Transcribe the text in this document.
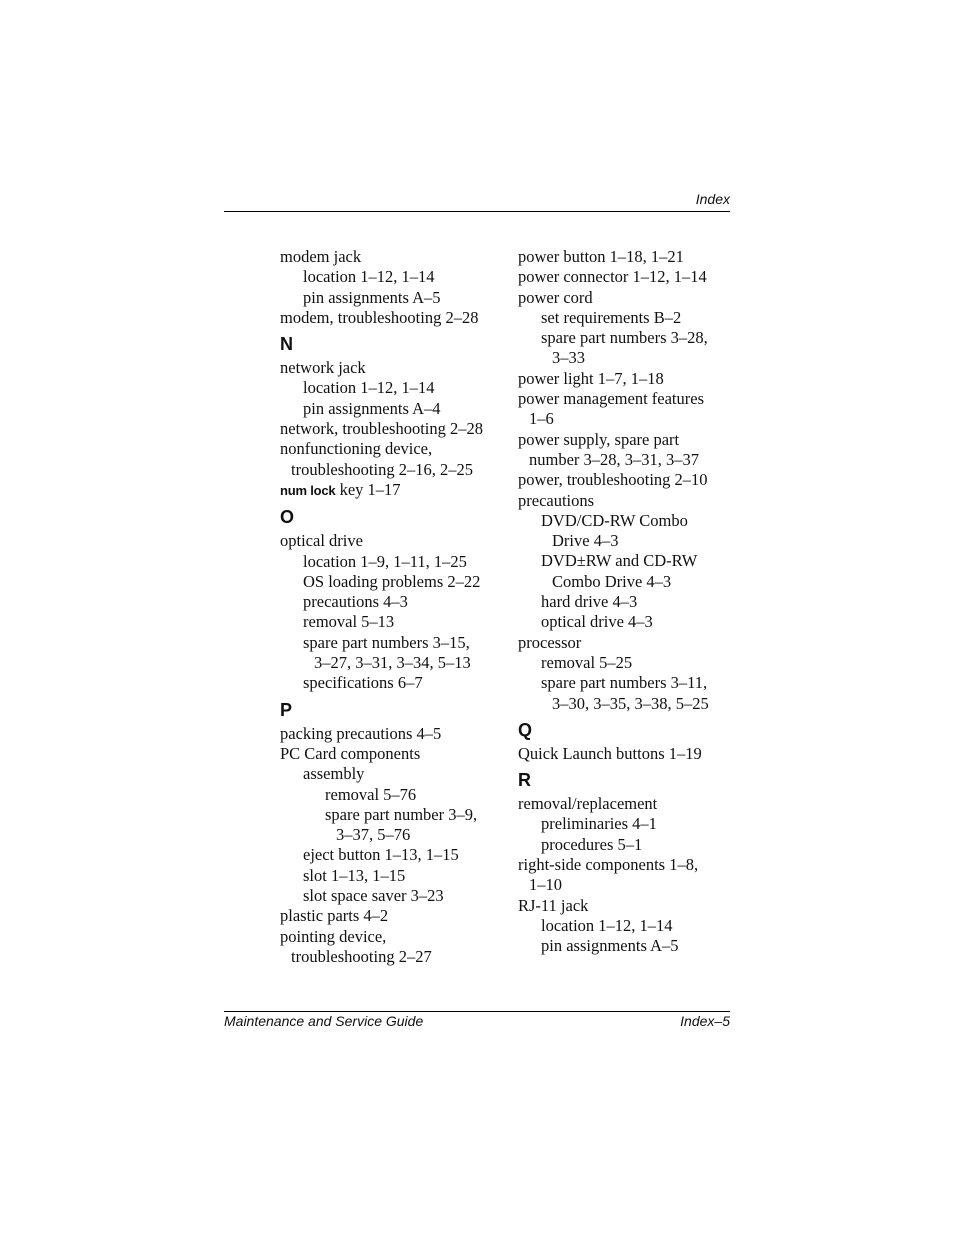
Index
modem jack
location 1–12, 1–14
pin assignments A–5
modem, troubleshooting 2–28
N
network jack
location 1–12, 1–14
pin assignments A–4
network, troubleshooting 2–28
nonfunctioning device,
troubleshooting 2–16, 2–25
num lock key 1–17
O
optical drive
location 1–9, 1–11, 1–25
OS loading problems 2–22
precautions 4–3
removal 5–13
spare part numbers 3–15,
3–27, 3–31, 3–34, 5–13
specifications 6–7
P
packing precautions 4–5
PC Card components
assembly
removal 5–76
spare part number 3–9,
3–37, 5–76
eject button 1–13, 1–15
slot 1–13, 1–15
slot space saver 3–23
plastic parts 4–2
pointing device,
troubleshooting 2–27
power button 1–18, 1–21
power connector 1–12, 1–14
power cord
set requirements B–2
spare part numbers 3–28,
3–33
power light 1–7, 1–18
power management features
1–6
power supply, spare part
number 3–28, 3–31, 3–37
power, troubleshooting 2–10
precautions
DVD/CD-RW Combo
Drive 4–3
DVD±RW and CD-RW
Combo Drive 4–3
hard drive 4–3
optical drive 4–3
processor
removal 5–25
spare part numbers 3–11,
3–30, 3–35, 3–38, 5–25
Q
Quick Launch buttons 1–19
R
removal/replacement
preliminaries 4–1
procedures 5–1
right-side components 1–8,
1–10
RJ-11 jack
location 1–12, 1–14
pin assignments A–5
Maintenance and Service Guide	Index–5
